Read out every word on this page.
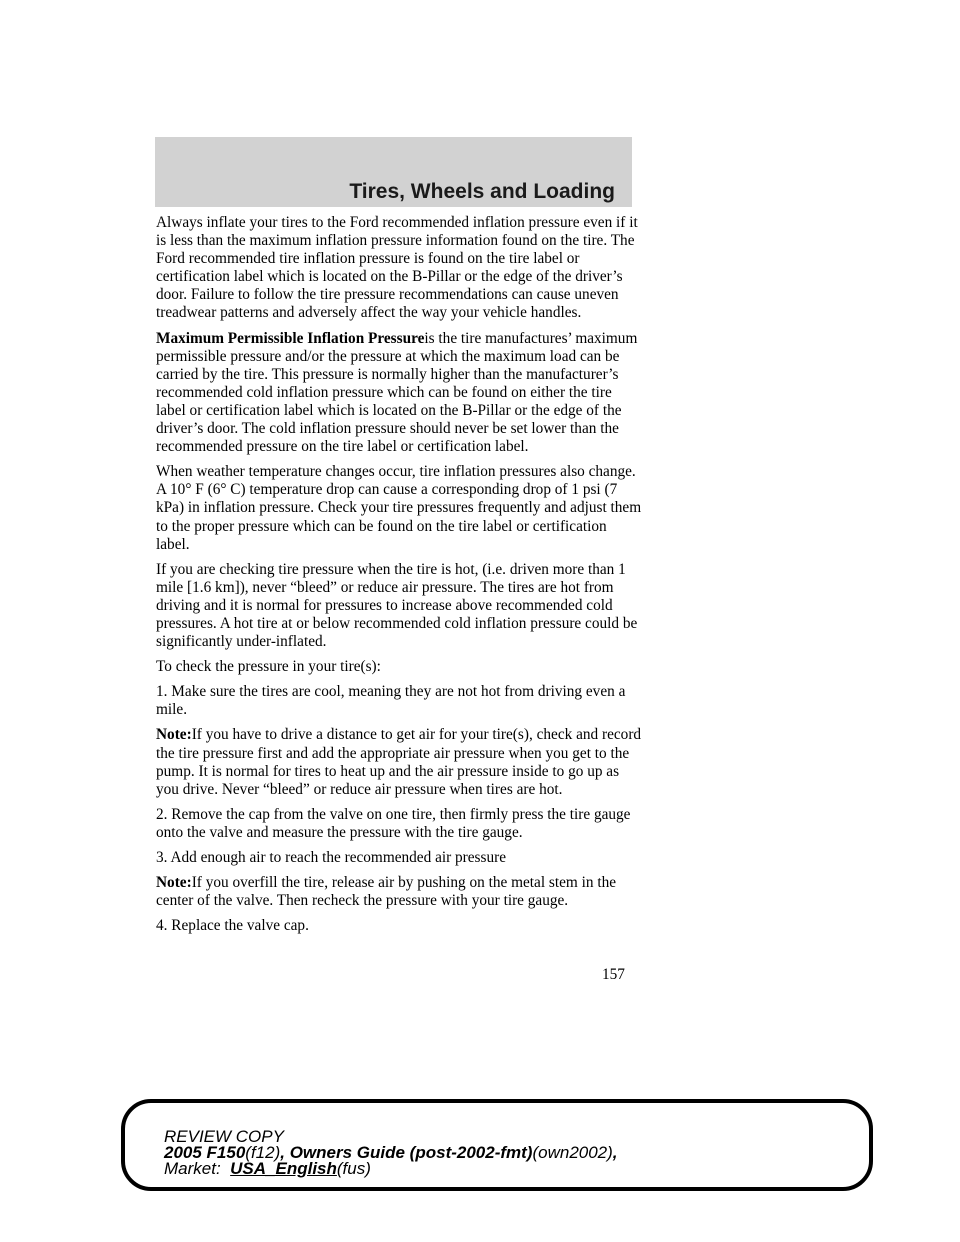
Tires, Wheels and Loading

Always inflate your tires to the Ford recommended inflation pressure even if it is less than the maximum inflation pressure information found on the tire. The Ford recommended tire inflation pressure is found on the tire label or certification label which is located on the B-Pillar or the edge of the driver’s door. Failure to follow the tire pressure recommendations can cause uneven treadwear patterns and adversely affect the way your vehicle handles.

Maximum Permissible Inflation Pressureis the tire manufactures’ maximum permissible pressure and/or the pressure at which the maximum load can be carried by the tire. This pressure is normally higher than the manufacturer’s recommended cold inflation pressure which can be found on either the tire label or certification label which is located on the B-Pillar or the edge of the driver’s door. The cold inflation pressure should never be set lower than the recommended pressure on the tire label or certification label.

When weather temperature changes occur, tire inflation pressures also change. A 10° F (6° C) temperature drop can cause a corresponding drop of 1 psi (7 kPa) in inflation pressure. Check your tire pressures frequently and adjust them to the proper pressure which can be found on the tire label or certification label.

If you are checking tire pressure when the tire is hot, (i.e. driven more than 1 mile [1.6 km]), never “bleed” or reduce air pressure. The tires are hot from driving and it is normal for pressures to increase above recommended cold pressures. A hot tire at or below recommended cold inflation pressure could be significantly under-inflated.

To check the pressure in your tire(s):

1. Make sure the tires are cool, meaning they are not hot from driving even a mile.

Note:If you have to drive a distance to get air for your tire(s), check and record the tire pressure first and add the appropriate air pressure when you get to the pump. It is normal for tires to heat up and the air pressure inside to go up as you drive. Never “bleed” or reduce air pressure when tires are hot.

2. Remove the cap from the valve on one tire, then firmly press the tire gauge onto the valve and measure the pressure with the tire gauge.

3. Add enough air to reach the recommended air pressure

Note:If you overfill the tire, release air by pushing on the metal stem in the center of the valve. Then recheck the pressure with your tire gauge.

4. Replace the valve cap.

157
REVIEW COPY
2005 F150(f12), Owners Guide (post-2002-fmt)(own2002),
Market: USA_English(fus)
